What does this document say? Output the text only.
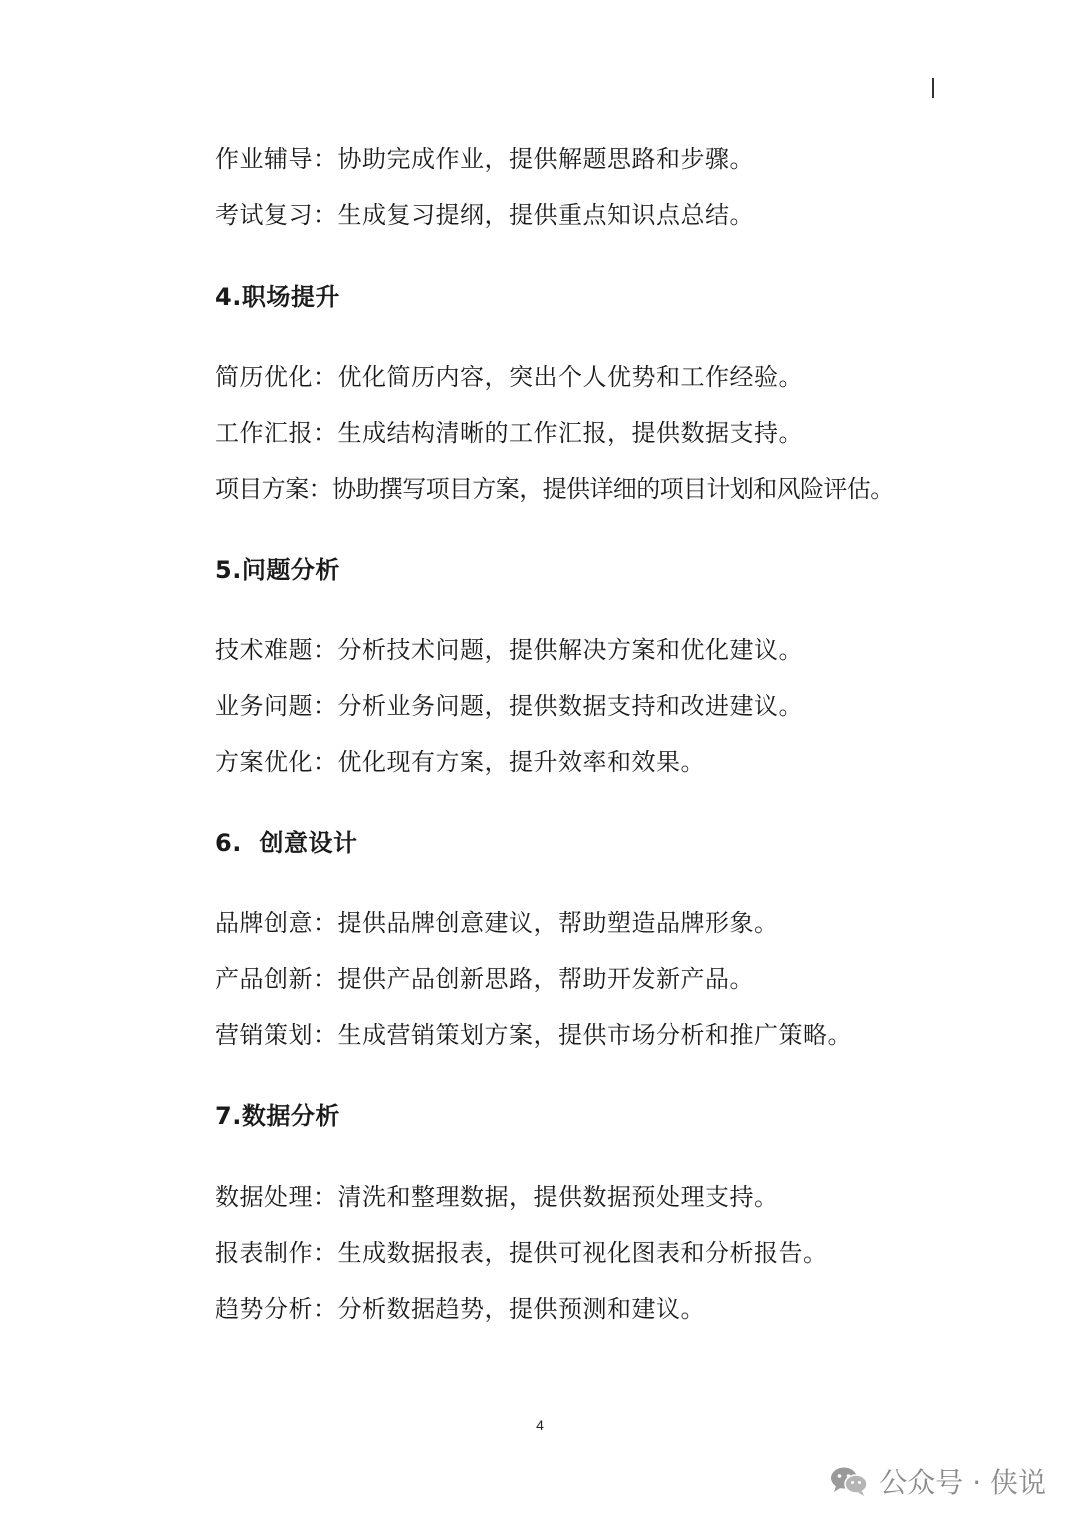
作业辅导：协助完成作业，提供解题思路和步骤。
考试复习：生成复习提纲，提供重点知识点总结。
4.职场提升
简历优化：优化简历内容，突出个人优势和工作经验。
工作汇报：生成结构清晰的工作汇报，提供数据支持。
项目方案：协助撰写项目方案，提供详细的项目计划和风险评估。
5.问题分析
技术难题：分析技术问题，提供解决方案和优化建议。
业务问题：分析业务问题，提供数据支持和改进建议。
方案优化：优化现有方案，提升效率和效果。
6.  创意设计
品牌创意：提供品牌创意建议，帮助塑造品牌形象。
产品创新：提供产品创新思路，帮助开发新产品。
营销策划：生成营销策划方案，提供市场分析和推广策略。
7.数据分析
数据处理：清洗和整理数据，提供数据预处理支持。
报表制作：生成数据报表，提供可视化图表和分析报告。
趋势分析：分析数据趋势，提供预测和建议。
4
公众号 · 侠说
